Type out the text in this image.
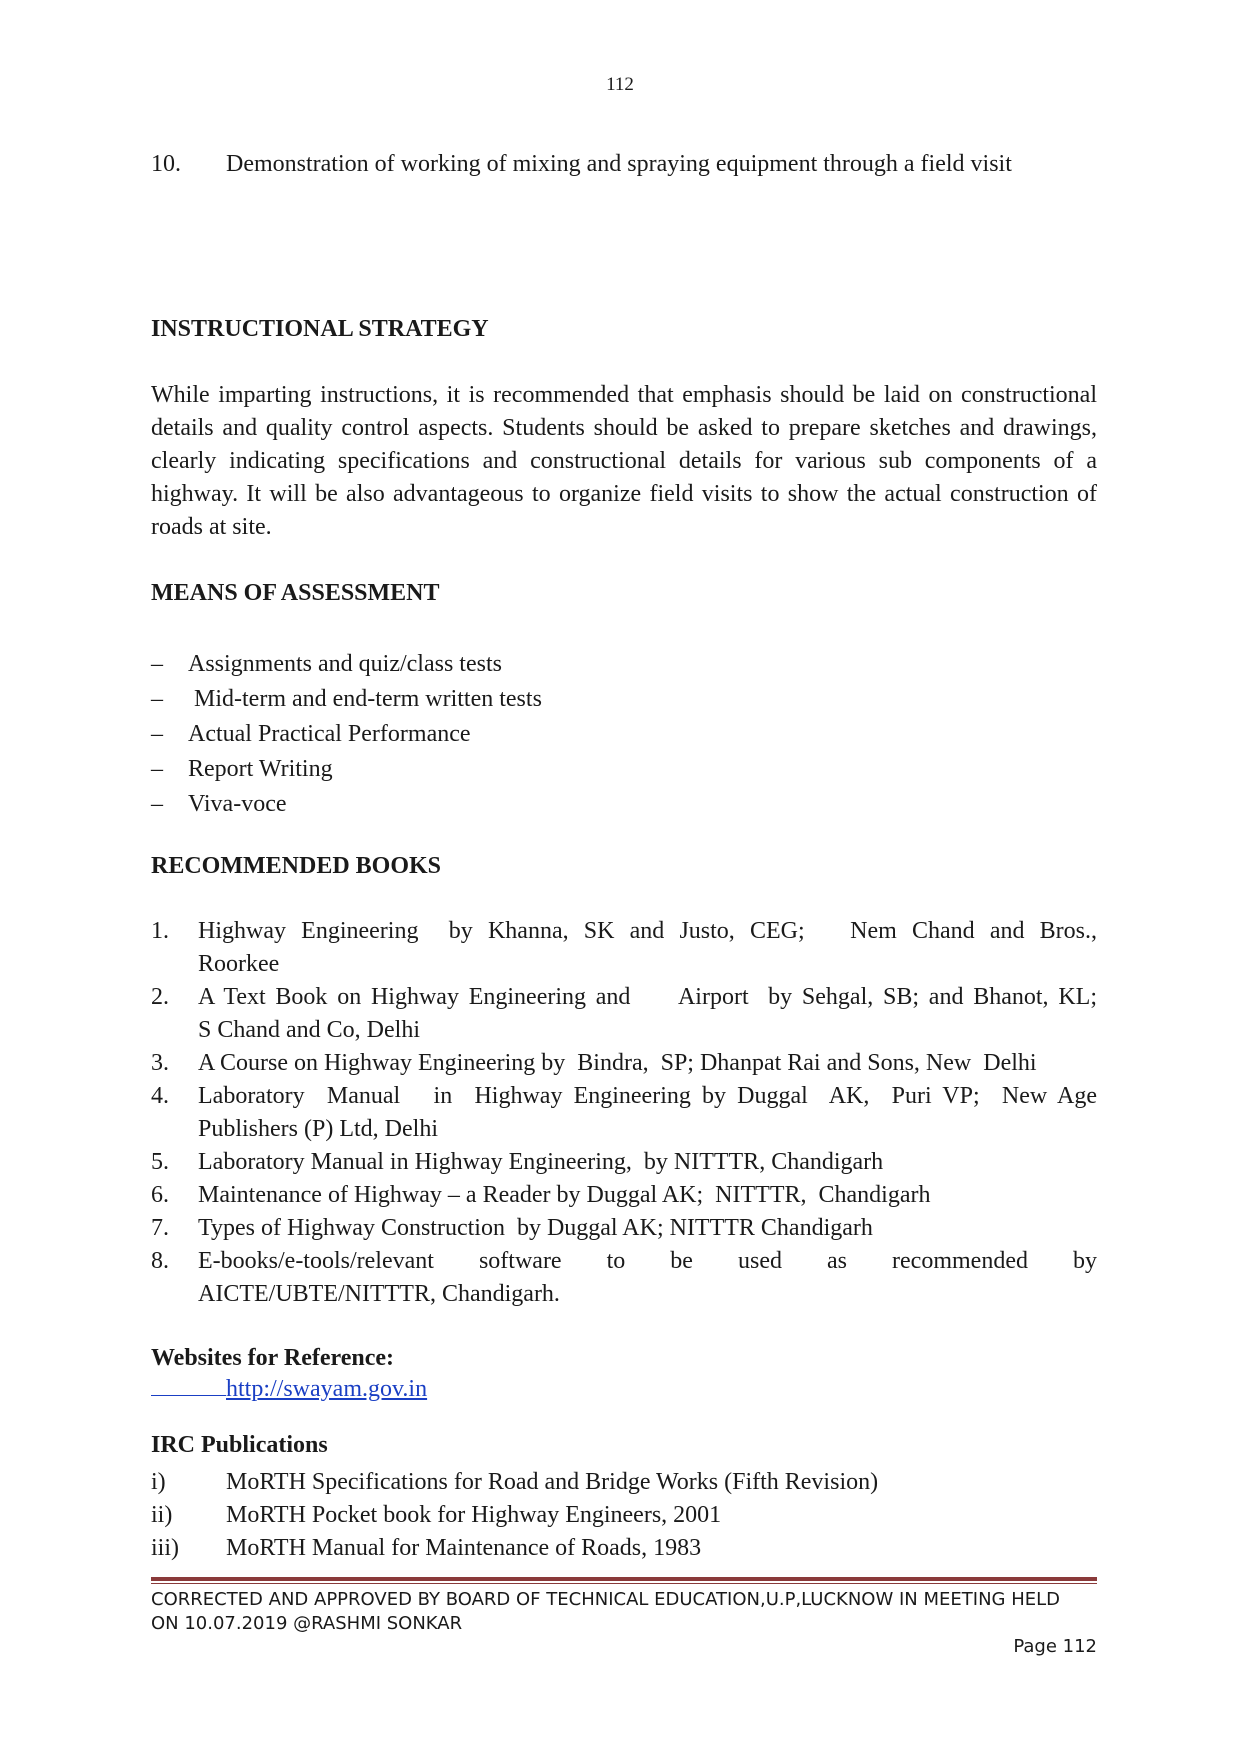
112
10. Demonstration of working of mixing and spraying equipment through a field visit
INSTRUCTIONAL STRATEGY
While imparting instructions, it is recommended that emphasis should be laid on constructional details and quality control aspects. Students should be asked to prepare sketches and drawings, clearly indicating specifications and constructional details for various sub components of a highway. It will be also advantageous to organize field visits to show the actual construction of roads at site.
MEANS OF ASSESSMENT
RECOMMENDED BOOKS
Websites for Reference:
http://swayam.gov.in
IRC Publications
CORRECTED AND APPROVED BY BOARD OF TECHNICAL EDUCATION,U.P,LUCKNOW IN MEETING HELD
ON 10.07.2019 @RASHMI SONKAR
Page 112
– Assignments and quiz/class tests
– Mid-term and end-term written tests
– Actual Practical Performance
– Report Writing
– Viva-voce
1. Highway Engineering  by Khanna, SK and Justo, CEG;   Nem Chand and Bros.,
Roorkee
2. A Text Book on Highway Engineering and     Airport  by Sehgal, SB; and Bhanot, KL;
S Chand and Co, Delhi
3. A Course on Highway Engineering by  Bindra,  SP; Dhanpat Rai and Sons, New  Delhi
4. Laboratory  Manual   in  Highway Engineering by Duggal  AK,  Puri VP;  New Age
Publishers (P) Ltd, Delhi
5. Laboratory Manual in Highway Engineering,  by NITTTR, Chandigarh
6. Maintenance of Highway – a Reader by Duggal AK;  NITTTR,  Chandigarh
7. Types of Highway Construction  by Duggal AK; NITTTR Chandigarh
8. E-books/e-tools/relevant   software   to   be   used   as   recommended   by
AICTE/UBTE/NITTTR, Chandigarh.
i)	MoRTH Specifications for Road and Bridge Works (Fifth Revision)
ii) MoRTH Pocket book for Highway Engineers, 2001
iii) MoRTH Manual for Maintenance of Roads, 1983
